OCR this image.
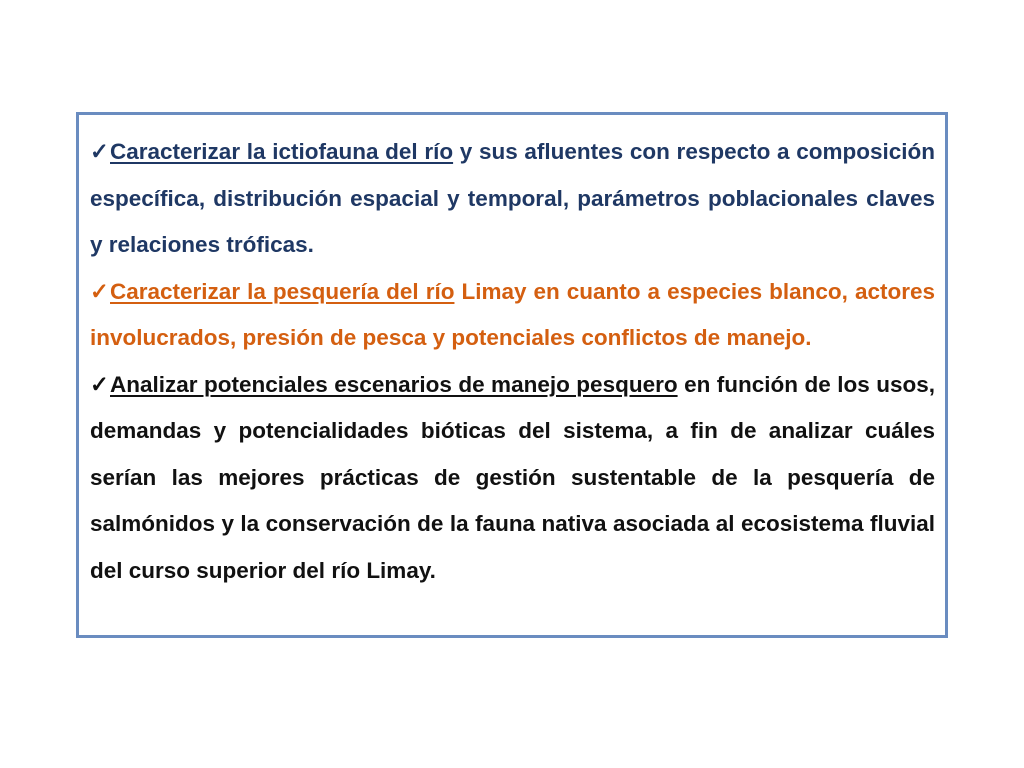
✓Caracterizar la ictiofauna del río y sus afluentes con respecto a composición específica, distribución espacial y temporal, parámetros poblacionales claves y relaciones tróficas.

✓Caracterizar la pesquería del río Limay en cuanto a especies blanco, actores involucrados, presión de pesca y potenciales conflictos de manejo.

✓Analizar potenciales escenarios de manejo pesquero en función de los usos, demandas y potencialidades bióticas del sistema, a fin de analizar cuáles serían las mejores prácticas de gestión sustentable de la pesquería de salmónidos y la conservación de la fauna nativa asociada al ecosistema fluvial del curso superior del río Limay.
